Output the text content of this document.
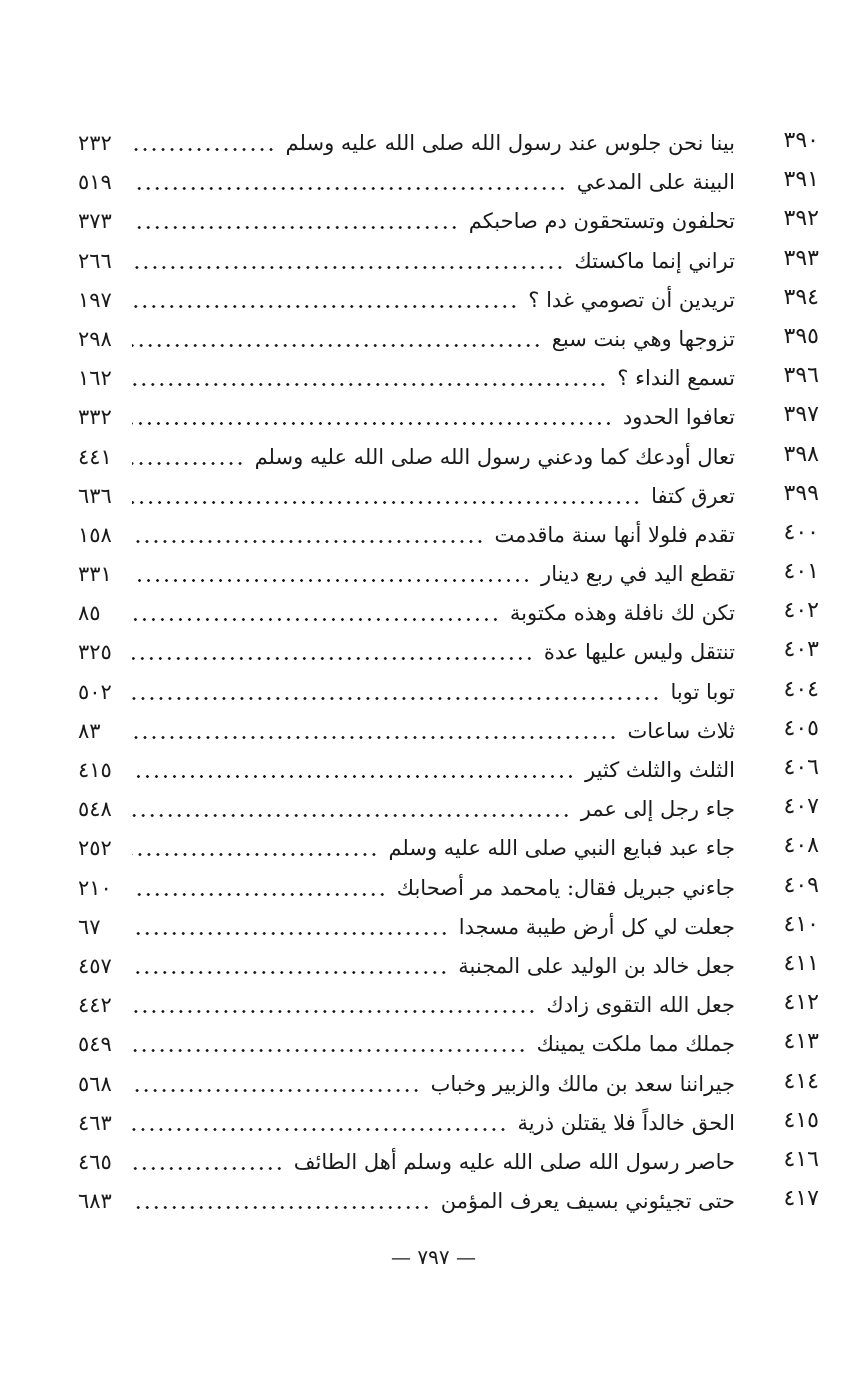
٣٩٠
بينا نحن جلوس عند رسول الله صلى الله عليه وسلم
٢٣٢
٣٩١
البينة على المدعي
٥١٩
٣٩٢
تحلفون وتستحقون دم صاحبكم
٣٧٣
٣٩٣
تراني إنما ماكستك
٢٦٦
٣٩٤
تريدين أن تصومي غدا ؟
١٩٧
٣٩٥
تزوجها وهي بنت سبع
٢٩٨
٣٩٦
تسمع النداء ؟
١٦٢
٣٩٧
تعافوا الحدود
٣٣٢
٣٩٨
تعال أودعك كما ودعني رسول الله صلى الله عليه وسلم
٤٤١
٣٩٩
تعرق كتفا
٦٣٦
٤٠٠
تقدم فلولا أنها سنة ماقدمت
١٥٨
٤٠١
تقطع اليد في ربع دينار
٣٣١
٤٠٢
تكن لك نافلة وهذه مكتوبة
٨٥
٤٠٣
تنتقل وليس عليها عدة
٣٢٥
٤٠٤
توبا توبا
٥٠٢
٤٠٥
ثلاث ساعات
٨٣
٤٠٦
الثلث والثلث كثير
٤١٥
٤٠٧
جاء رجل إلى عمر
٥٤٨
٤٠٨
جاء عبد فبايع النبي صلى الله عليه وسلم
٢٥٢
٤٠٩
جاءني جبريل فقال: يامحمد مر أصحابك
٢١٠
٤١٠
جعلت لي كل أرض طيبة مسجدا
٦٧
٤١١
جعل خالد بن الوليد على المجنبة
٤٥٧
٤١٢
جعل الله التقوى زادك
٤٤٢
٤١٣
جملك مما ملكت يمينك
٥٤٩
٤١٤
جيراننا سعد بن مالك والزبير وخباب
٥٦٨
٤١٥
الحق خالداً فلا يقتلن ذرية
٤٦٣
٤١٦
حاصر رسول الله صلى الله عليه وسلم أهل الطائف
٤٦٥
٤١٧
حتى تجيئوني بسيف يعرف المؤمن
٦٨٣
— ٧٩٧ —
